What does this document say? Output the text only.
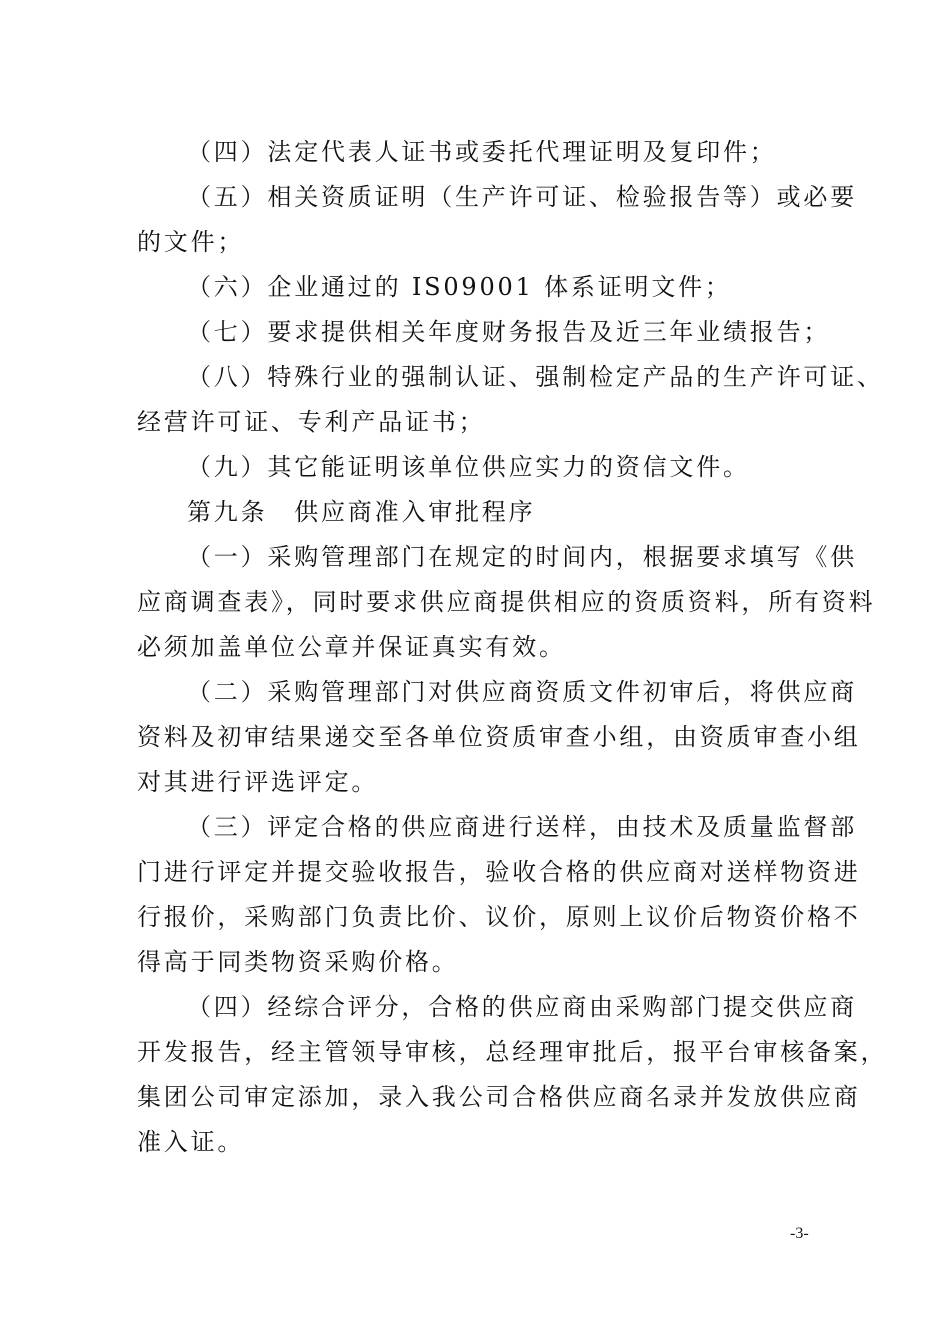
（四）法定代表人证书或委托代理证明及复印件；
（五）相关资质证明（生产许可证、检验报告等）或必要
的文件；
（六）企业通过的 IS09001 体系证明文件；
（七）要求提供相关年度财务报告及近三年业绩报告；
（八）特殊行业的强制认证、强制检定产品的生产许可证、
经营许可证、专利产品证书；
（九）其它能证明该单位供应实力的资信文件。
第九条　供应商准入审批程序
（一）采购管理部门在规定的时间内，根据要求填写《供
应商调查表》，同时要求供应商提供相应的资质资料，所有资料
必须加盖单位公章并保证真实有效。
（二）采购管理部门对供应商资质文件初审后，将供应商
资料及初审结果递交至各单位资质审查小组，由资质审查小组
对其进行评选评定。
（三）评定合格的供应商进行送样，由技术及质量监督部
门进行评定并提交验收报告，验收合格的供应商对送样物资进
行报价，采购部门负责比价、议价，原则上议价后物资价格不
得高于同类物资采购价格。
（四）经综合评分，合格的供应商由采购部门提交供应商
开发报告，经主管领导审核，总经理审批后，报平台审核备案，
集团公司审定添加，录入我公司合格供应商名录并发放供应商
准入证。
-3-
